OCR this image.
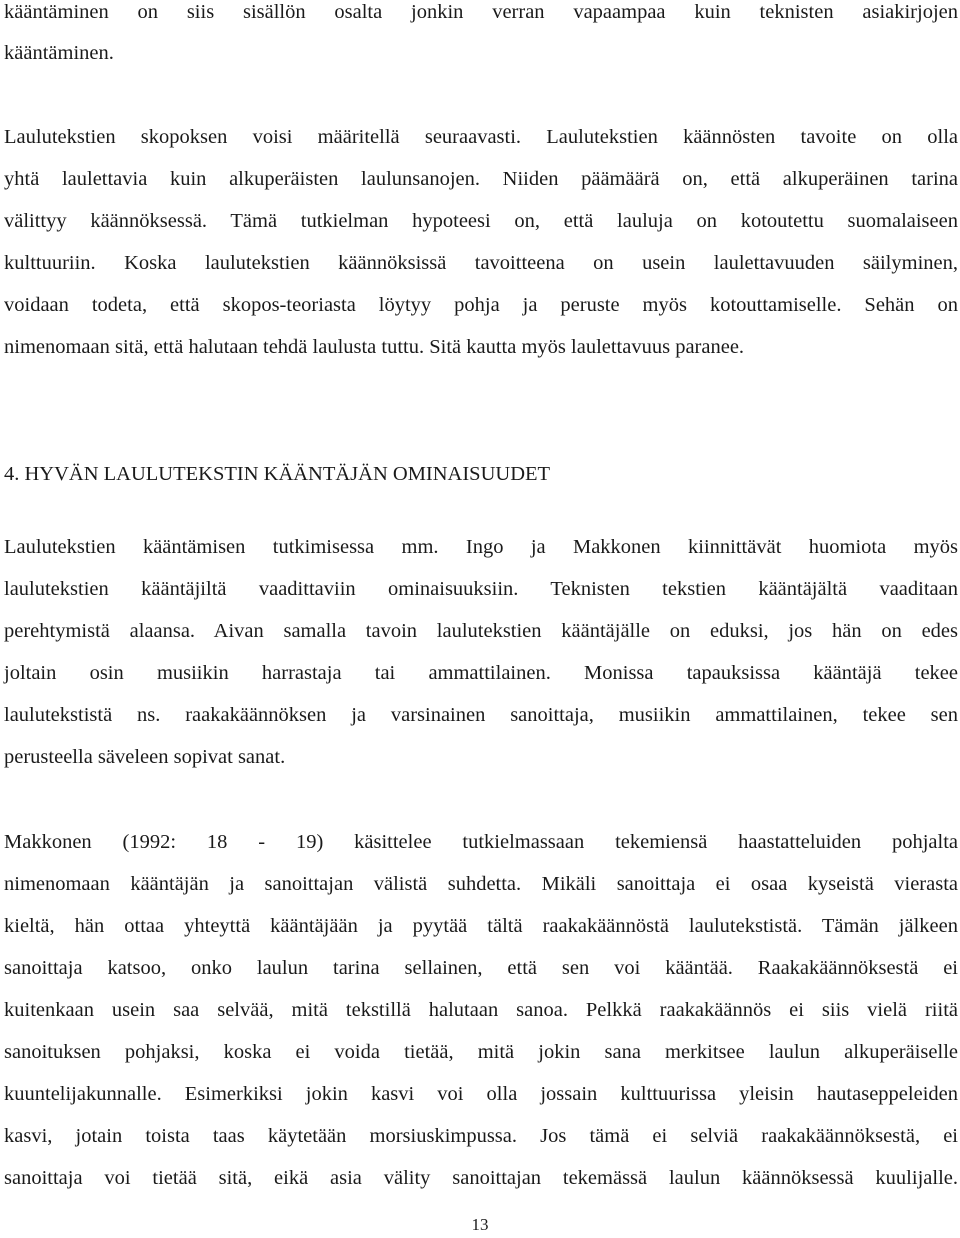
kääntäminen on siis sisällön osalta jonkin verran vapaampaa kuin teknisten asiakirjojen
kääntäminen.
Laulutekstien skopoksen voisi määritellä seuraavasti. Laulutekstien käännösten tavoite on olla
yhtä laulettavia kuin alkuperäisten laulunsanojen. Niiden päämäärä on, että alkuperäinen tarina
välittyy käännöksessä. Tämä tutkielman hypoteesi on, että lauluja on kotoutettu suomalaiseen
kulttuuriin. Koska laulutekstien käännöksissä tavoitteena on usein laulettavuuden säilyminen,
voidaan todeta, että skopos-teoriasta löytyy pohja ja peruste myös kotouttamiselle. Sehän on
nimenomaan sitä, että halutaan tehdä laulusta tuttu. Sitä kautta myös laulettavuus paranee.
4. HYVÄN LAULUTEKSTIN KÄÄNTÄJÄN OMINAISUUDET
Laulutekstien kääntämisen tutkimisessa mm. Ingo ja Makkonen kiinnittävät huomiota myös
laulutekstien kääntäjiltä vaadittaviin ominaisuuksiin. Teknisten tekstien kääntäjältä vaaditaan
perehtymistä alaansa. Aivan samalla tavoin laulutekstien kääntäjälle on eduksi, jos hän on edes
joltain osin musiikin harrastaja tai ammattilainen. Monissa tapauksissa kääntäjä tekee
laulutekstistä ns. raakakäännöksen ja varsinainen sanoittaja, musiikin ammattilainen, tekee sen
perusteella säveleen sopivat sanat.
Makkonen (1992: 18 - 19) käsittelee tutkielmassaan tekemiensä haastatteluiden pohjalta
nimenomaan kääntäjän ja sanoittajan välistä suhdetta. Mikäli sanoittaja ei osaa kyseistä vierasta
kieltä, hän ottaa yhteyttä kääntäjään ja pyytää tältä raakakäännöstä laulutekstistä. Tämän jälkeen
sanoittaja katsoo, onko laulun tarina sellainen, että sen voi kääntää. Raakakäännöksestä ei
kuitenkaan usein saa selvää, mitä tekstillä halutaan sanoa. Pelkkä raakakäännös ei siis vielä riitä
sanoituksen pohjaksi, koska ei voida tietää, mitä jokin sana merkitsee laulun alkuperäiselle
kuuntelijakunnalle. Esimerkiksi jokin kasvi voi olla jossain kulttuurissa yleisin hautaseppeleiden
kasvi, jotain toista taas käytetään morsiuskimpussa. Jos tämä ei selviä raakakäännöksestä, ei
sanoittaja voi tietää sitä, eikä asia välity sanoittajan tekemässä laulun käännöksessä kuulijalle.
13
